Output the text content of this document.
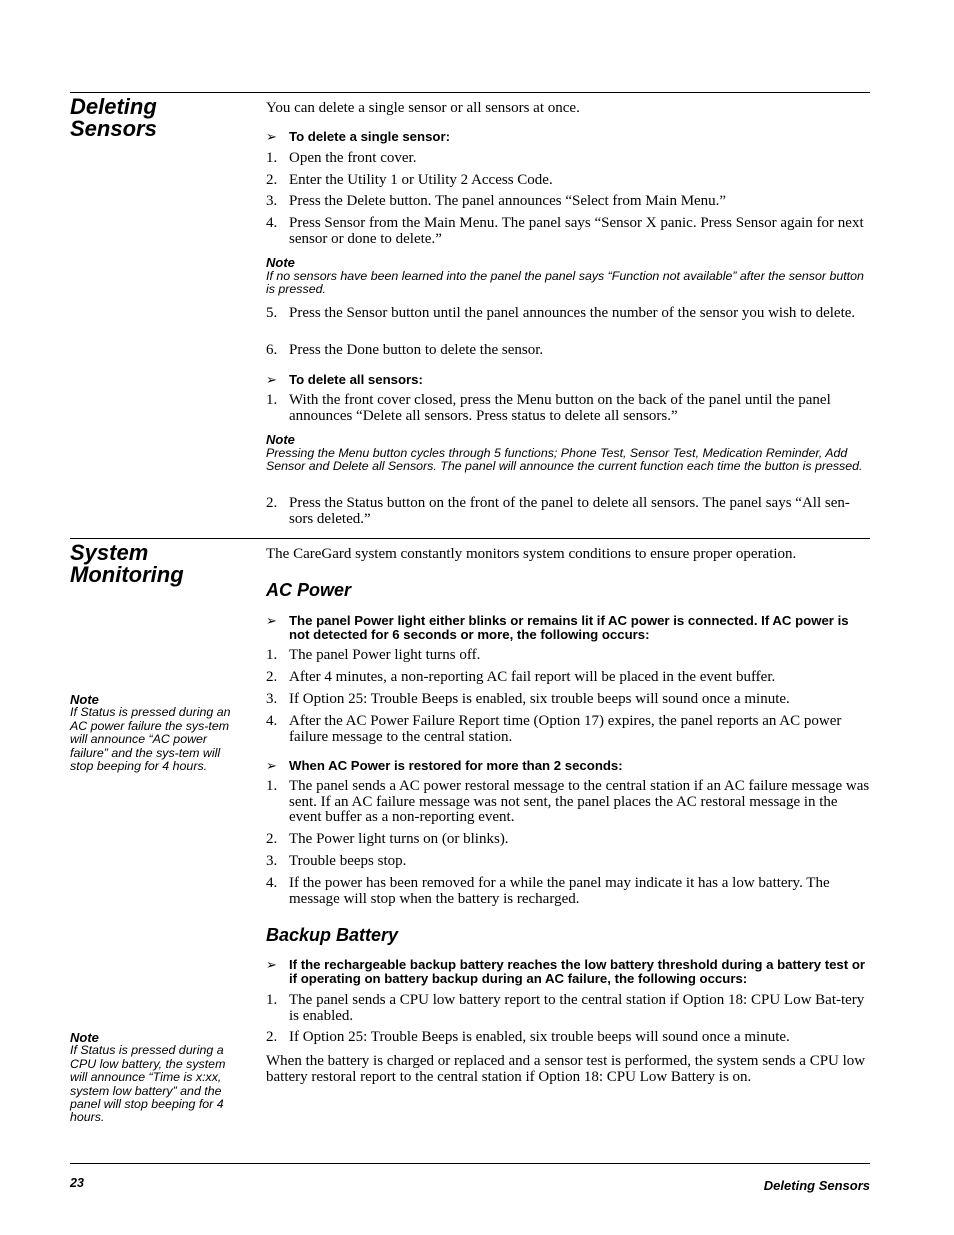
Deleting
Sensors
You can delete a single sensor or all sensors at once.
➢ To delete a single sensor:
1. Open the front cover.
2. Enter the Utility 1 or Utility 2 Access Code.
3. Press the Delete button. The panel announces “Select from Main Menu.”
4. Press Sensor from the Main Menu. The panel says “Sensor X panic. Press Sensor again for next sensor or done to delete.”
Note
If no sensors have been learned into the panel the panel says “Function not available” after the sensor button is pressed.
5. Press the Sensor button until the panel announces the number of the sensor you wish to delete.
6. Press the Done button to delete the sensor.
➢ To delete all sensors:
1. With the front cover closed, press the Menu button on the back of the panel until the panel announces “Delete all sensors. Press status to delete all sensors.”
Note
Pressing the Menu button cycles through 5 functions; Phone Test, Sensor Test, Medication Reminder, Add Sensor and Delete all Sensors. The panel will announce the current function each time the button is pressed.
2. Press the Status button on the front of the panel to delete all sensors. The panel says “All sen-sors deleted.”
System
Monitoring
Note
If Status is pressed during an AC power failure the sys-tem will announce “AC power failure” and the sys-tem will stop beeping for 4 hours.
Note
If Status is pressed during a CPU low battery, the system will announce “Time is x:xx, system low battery” and the panel will stop beeping for 4 hours.
The CareGard system constantly monitors system conditions to ensure proper operation.
AC Power
➢ The panel Power light either blinks or remains lit if AC power is connected. If AC power is not detected for 6 seconds or more, the following occurs:
1. The panel Power light turns off.
2. After 4 minutes, a non-reporting AC fail report will be placed in the event buffer.
3. If Option 25: Trouble Beeps is enabled, six trouble beeps will sound once a minute.
4. After the AC Power Failure Report time (Option 17) expires, the panel reports an AC power failure message to the central station.
➢ When AC Power is restored for more than 2 seconds:
1. The panel sends a AC power restoral message to the central station if an AC failure message was sent. If an AC failure message was not sent, the panel places the AC restoral message in the event buffer as a non-reporting event.
2. The Power light turns on (or blinks).
3. Trouble beeps stop.
4. If the power has been removed for a while the panel may indicate it has a low battery. The message will stop when the battery is recharged.
Backup Battery
➢ If the rechargeable backup battery reaches the low battery threshold during a battery test or if operating on battery backup during an AC failure, the following occurs:
1. The panel sends a CPU low battery report to the central station if Option 18: CPU Low Bat-tery is enabled.
2. If Option 25: Trouble Beeps is enabled, six trouble beeps will sound once a minute.
When the battery is charged or replaced and a sensor test is performed, the system sends a CPU low battery restoral report to the central station if Option 18: CPU Low Battery is on.
23	Deleting Sensors
